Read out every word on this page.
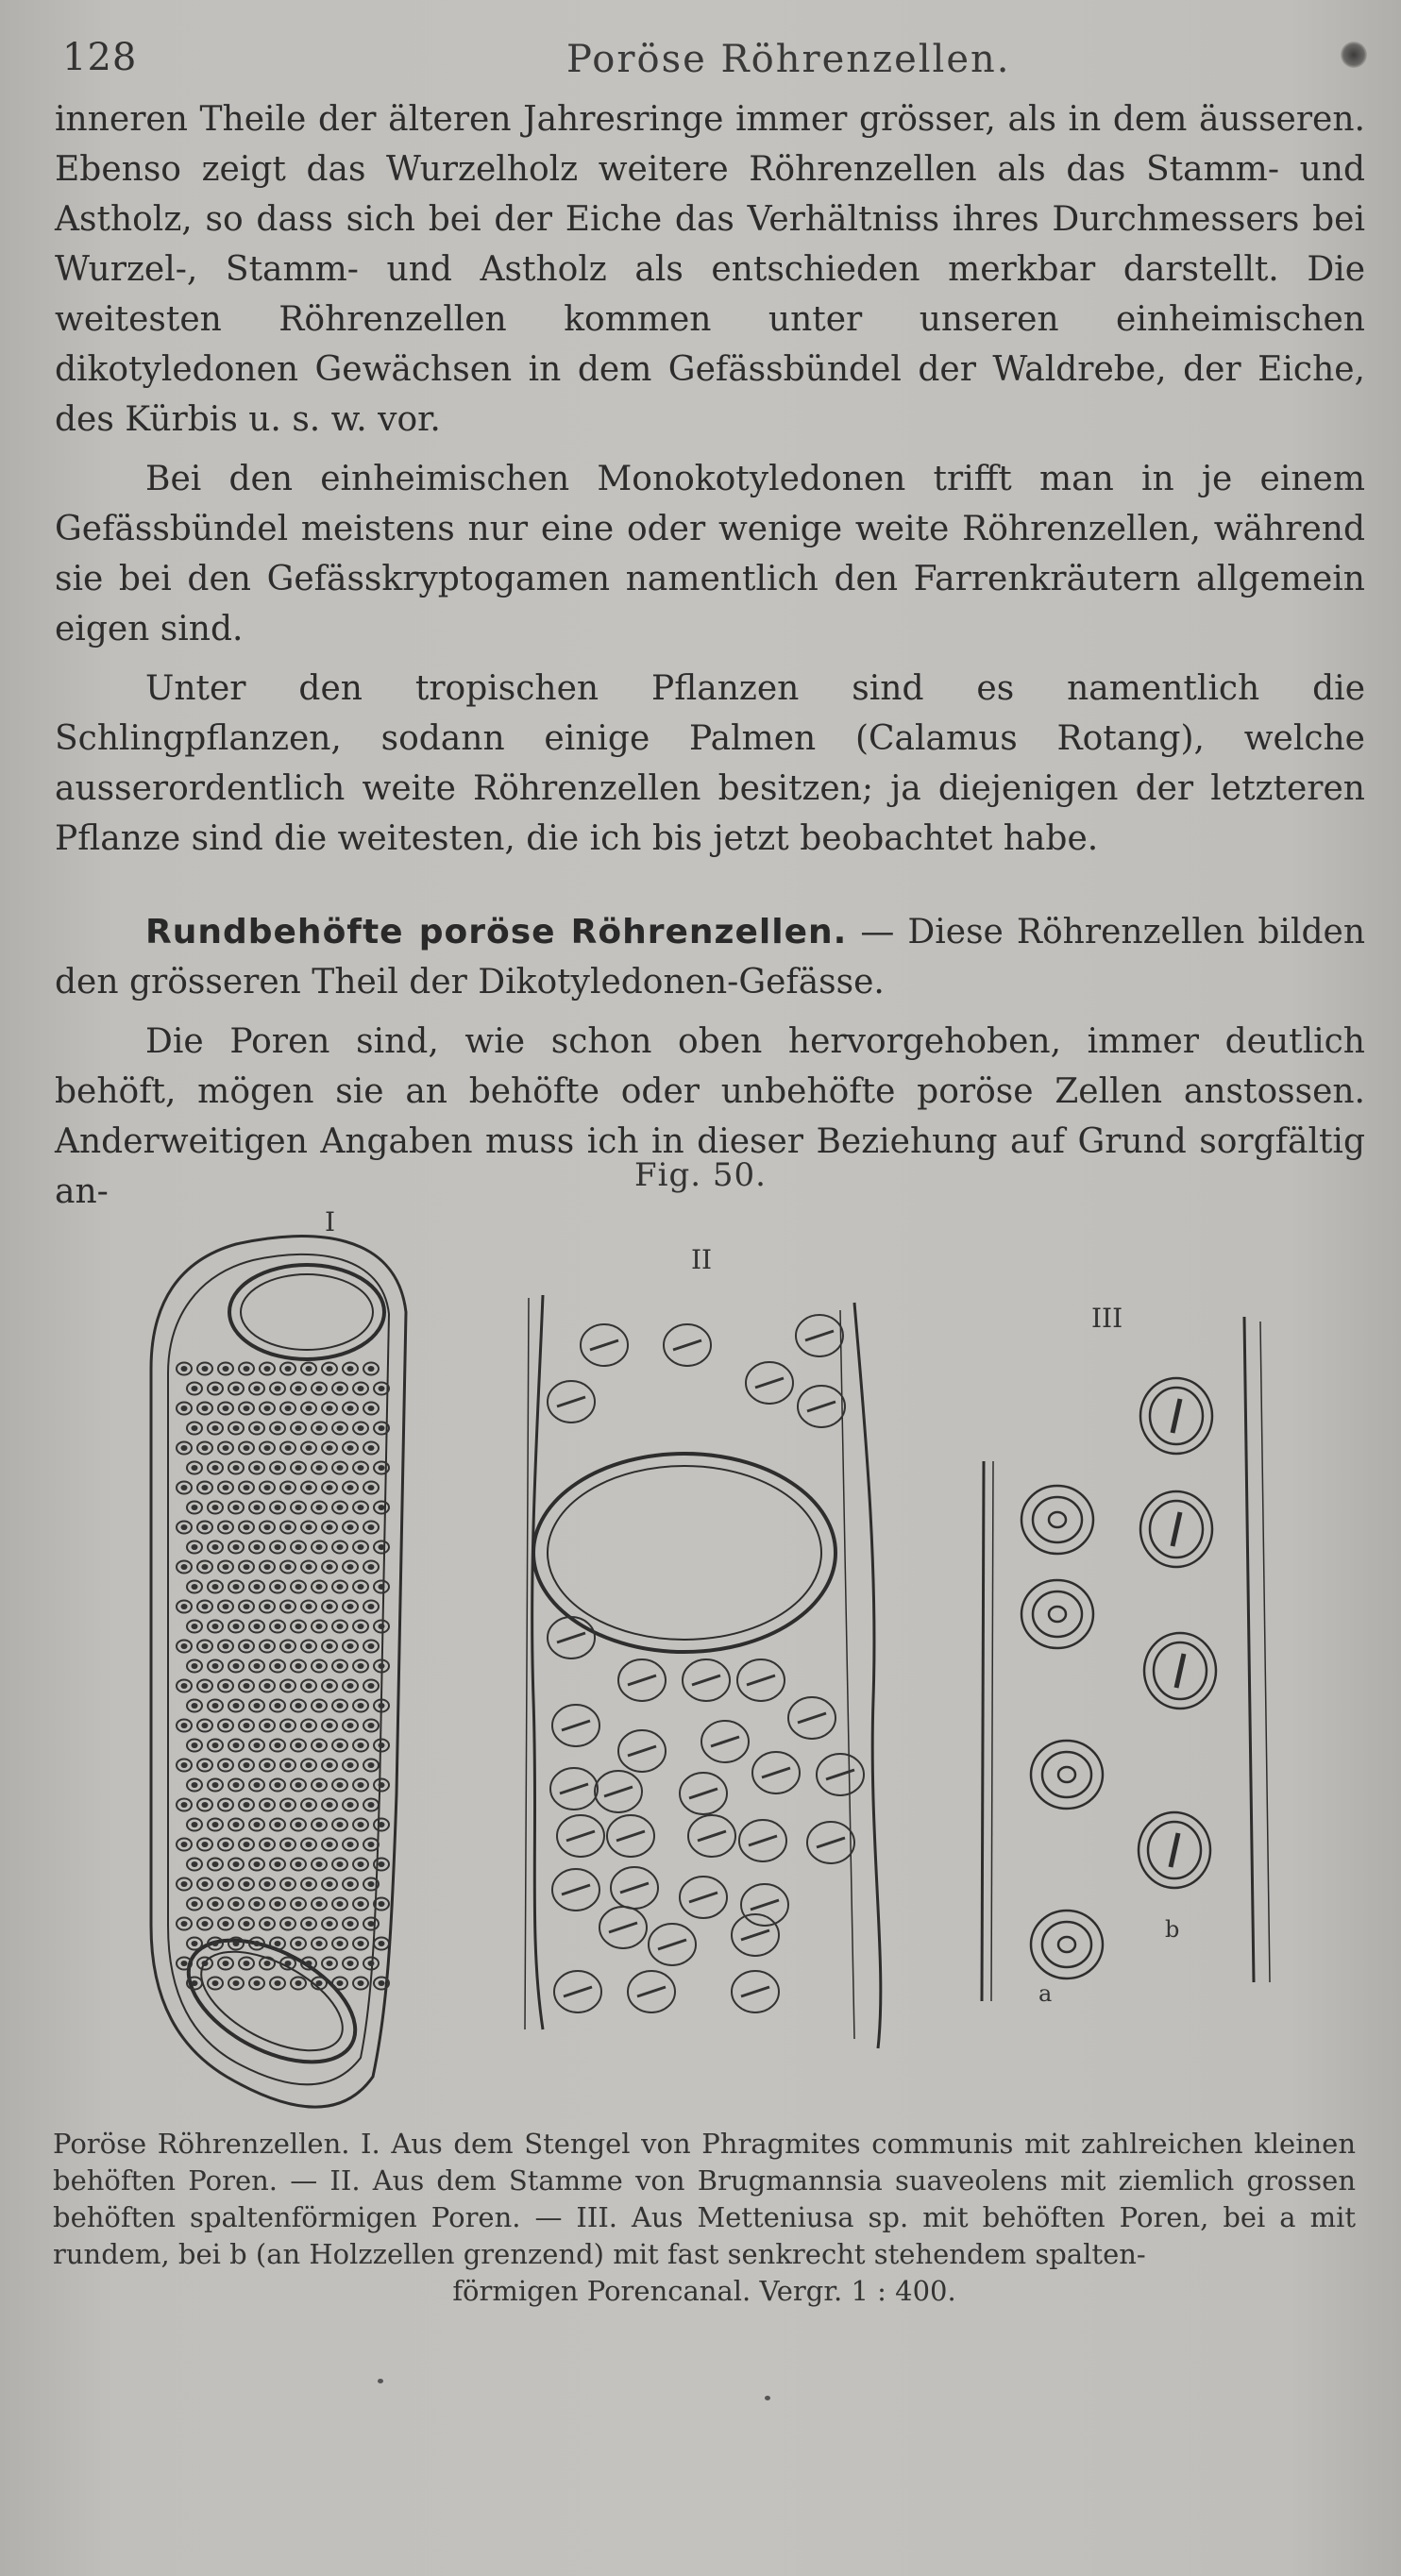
128	Poröse Röhrenzellen.

inneren Theile der älteren Jahresringe immer grösser, als in dem äusseren. Ebenso zeigt das Wurzelholz weitere Röhrenzellen als das Stamm- und Astholz, so dass sich bei der Eiche das Verhältniss ihres Durchmessers bei Wurzel-, Stamm- und Astholz als entschieden merkbar darstellt. Die weitesten Röhrenzellen kommen unter unseren einheimischen dikotyledonen Gewächsen in dem Gefässbündel der Waldrebe, der Eiche, des Kürbis u. s. w. vor.

Bei den einheimischen Monokotyledonen trifft man in je einem Gefässbündel meistens nur eine oder wenige weite Röhrenzellen, während sie bei den Gefässkryptogamen namentlich den Farrenkräutern allgemein eigen sind.

Unter den tropischen Pflanzen sind es namentlich die Schlingpflanzen, sodann einige Palmen (Calamus Rotang), welche ausserordentlich weite Röhrenzellen besitzen; ja diejenigen der letzteren Pflanze sind die weitesten, die ich bis jetzt beobachtet habe.

Rundbehöfte poröse Röhrenzellen. — Diese Röhrenzellen bilden den grösseren Theil der Dikotyledonen-Gefässe.

Die Poren sind, wie schon oben hervorgehoben, immer deutlich behöft, mögen sie an behöfte oder unbehöfte poröse Zellen anstossen. Anderweitigen Angaben muss ich in dieser Beziehung auf Grund sorgfältig an-	Fig. 50.
I
II
III
a
b
Poröse Röhrenzellen. I. Aus dem Stengel von Phragmites communis mit zahlreichen kleinen behöften Poren. — II. Aus dem Stamme von Brugmannsia suaveolens mit ziemlich grossen behöften spaltenförmigen Poren. — III. Aus Metteniusa sp. mit behöften Poren, bei a mit rundem, bei b (an Holzzellen grenzend) mit fast senkrecht stehendem spalten-
förmigen Porencanal. Vergr. 1 : 400.
